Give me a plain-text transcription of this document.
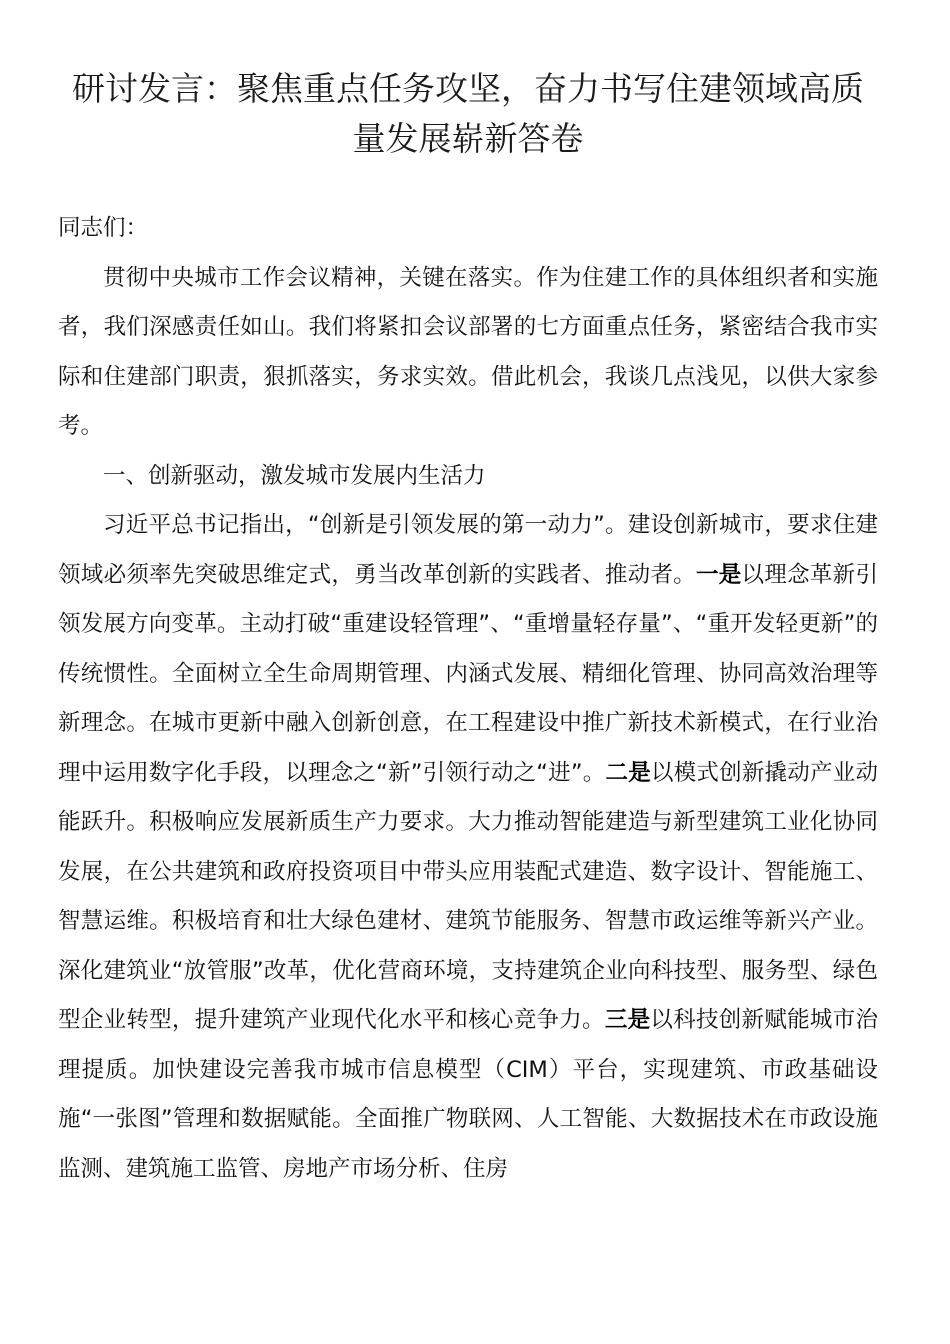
研讨发言：聚焦重点任务攻坚，奋力书写住建领域高质量发展崭新答卷

同志们：

贯彻中央城市工作会议精神，关键在落实。作为住建工作的具体组织者和实施者，我们深感责任如山。我们将紧扣会议部署的七方面重点任务，紧密结合我市实际和住建部门职责，狠抓落实，务求实效。借此机会，我谈几点浅见，以供大家参考。

一、创新驱动，激发城市发展内生活力

习近平总书记指出，“创新是引领发展的第一动力”。建设创新城市，要求住建领域必须率先突破思维定式，勇当改革创新的实践者、推动者。一是以理念革新引领发展方向变革。主动打破“重建设轻管理”、“重增量轻存量”、“重开发轻更新”的传统惯性。全面树立全生命周期管理、内涵式发展、精细化管理、协同高效治理等新理念。在城市更新中融入创新创意，在工程建设中推广新技术新模式，在行业治理中运用数字化手段，以理念之“新”引领行动之“进”。二是以模式创新撬动产业动能跃升。积极响应发展新质生产力要求。大力推动智能建造与新型建筑工业化协同发展，在公共建筑和政府投资项目中带头应用装配式建造、数字设计、智能施工、智慧运维。积极培育和壮大绿色建材、建筑节能服务、智慧市政运维等新兴产业。深化建筑业“放管服”改革，优化营商环境，支持建筑企业向科技型、服务型、绿色型企业转型，提升建筑产业现代化水平和核心竞争力。三是以科技创新赋能城市治理提质。加快建设完善我市城市信息模型（CIM）平台，实现建筑、市政基础设施“一张图”管理和数据赋能。全面推广物联网、人工智能、大数据技术在市政设施监测、建筑施工监管、房地产市场分析、住房
